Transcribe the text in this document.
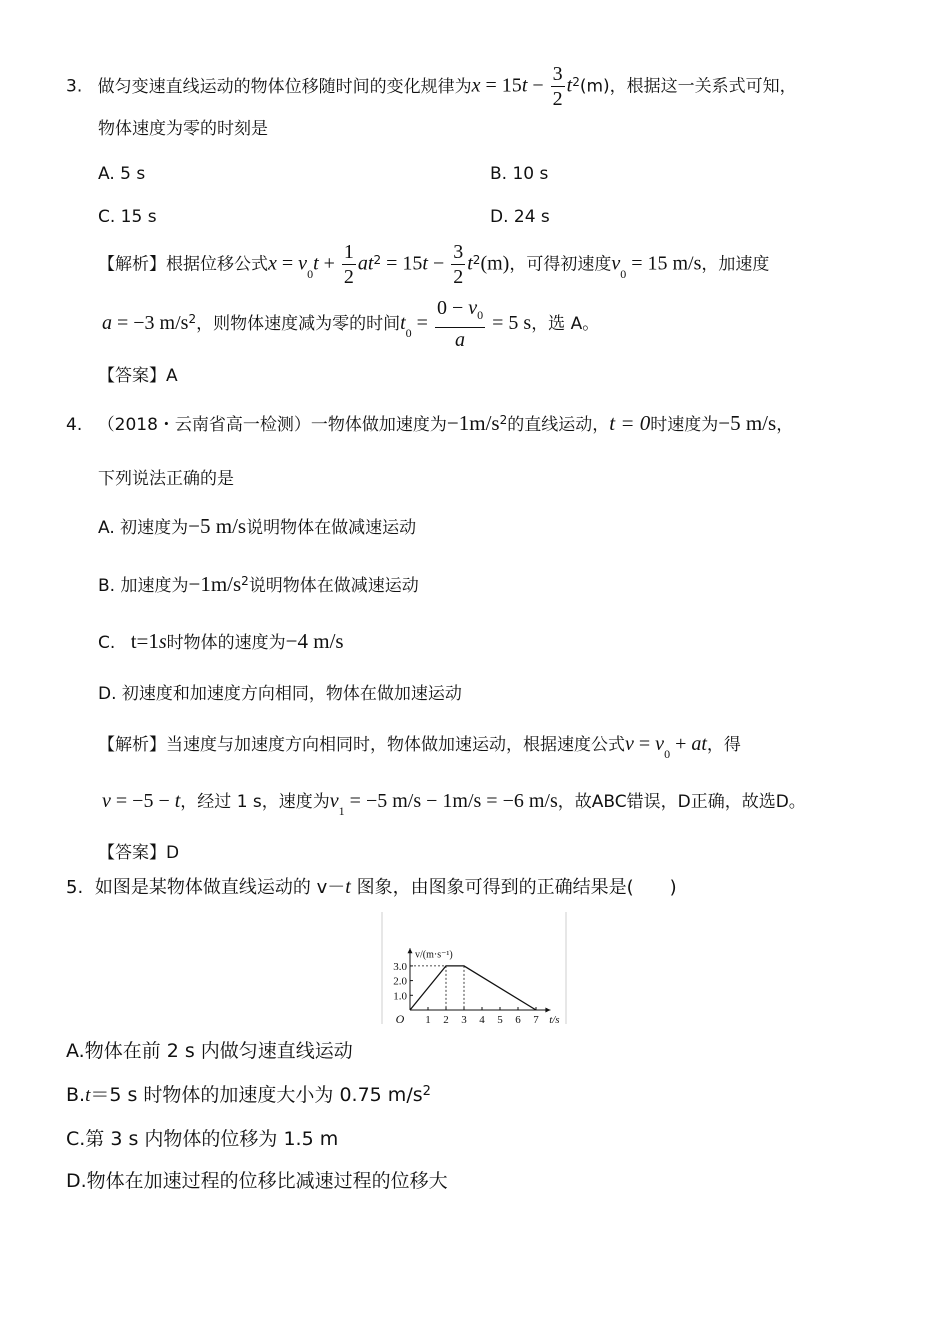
3. 做匀变速直线运动的物体位移随时间的变化规律为$x = 15t - \frac{3}{2} t^2(m)$，根据这一关系式可知，
物体速度为零的时刻是
A. 5 s	B. 10 s
C. 15 s	D. 24 s
【解析】根据位移公式$x = v_0t + \frac{1}{2} at^2 = 15t - \frac{3}{2} t^2(m)$，可得初速度$v_0 = 15$ m/s，加速度
a = −3 $m/s^2$，则物体速度减为零的时间$t_0 = \frac{0 - v_0}{a} = 5$ s，选 A。
【答案】A
4. （2018・云南省高一检测）一物体做加速度为$-1m/s^2$的直线运动，t = 0时速度为−5 m/s，
下列说法正确的是
A. 初速度为−5 m/s说明物体在做减速运动
B. 加速度为$-1m/s^2$说明物体在做减速运动
C. t=1s时物体的速度为−4 m/s
D. 初速度和加速度方向相同，物体在做加速运动
【解析】当速度与加速度方向相同时，物体做加速运动，根据速度公式$v = v_0$ + at，得
v = −5 − t，经过 1 s，速度为$v_1 = -5$ m/s − 1m/s = −6 m/s，故ABC错误，D正确，故选D。
【答案】D
5. 如图是某物体做直线运动的 v－t 图象，由图象可得到的正确结果是(　　)
1 2 3 4 5 6 7
1.0
2.0
3.0
O	t/s
v/(m·s⁻¹)
A.物体在前 2 s 内做匀速直线运动
B.t＝5 s 时物体的加速度大小为 0.75 $m/s^2$
C.第 3 s 内物体的位移为 1.5 m
D.物体在加速过程的位移比减速过程的位移大
